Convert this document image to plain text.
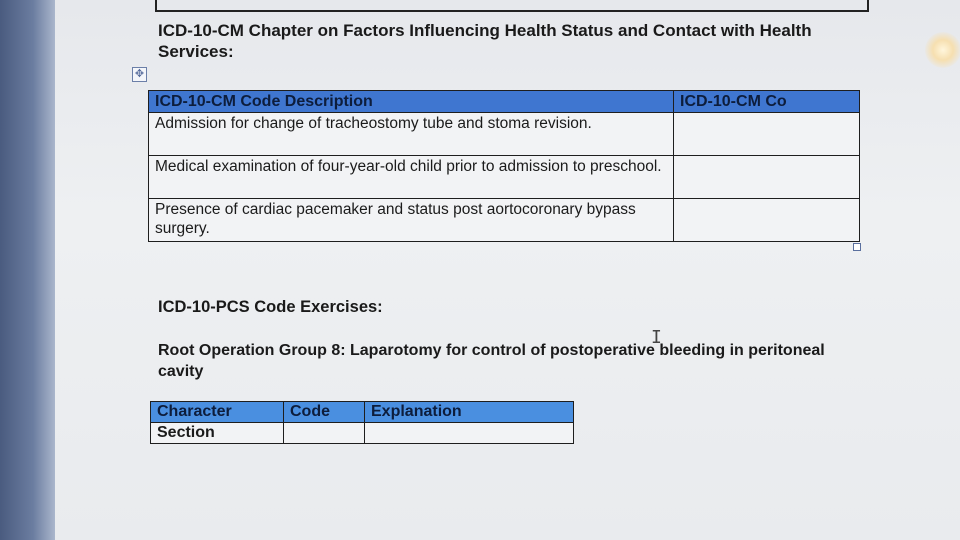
ICD-10-CM Chapter on Factors Influencing Health Status and Contact with Health Services:
✥
ICD-10-CM Code Description	ICD-10-CM Co
Admission for change of tracheostomy tube and stoma revision.	
Medical examination of four-year-old child prior to admission to preschool.	
Presence of cardiac pacemaker and status post aortocoronary bypass surgery.	
ICD-10-PCS Code Exercises:
I
Root Operation Group 8: Laparotomy for control of postoperative bleeding in peritoneal cavity
Character	Code	Explanation
Section		
